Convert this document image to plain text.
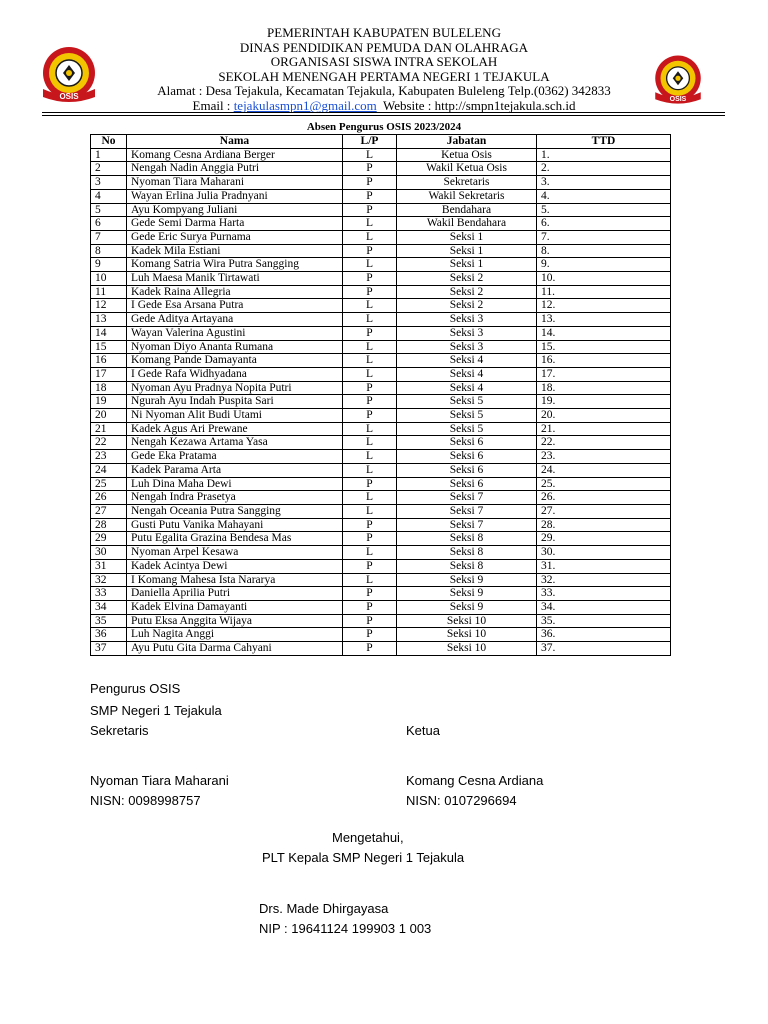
OSIS	OSIS
PEMERINTAH KABUPATEN BULELENG
DINAS PENDIDIKAN PEMUDA DAN OLAHRAGA
ORGANISASI SISWA INTRA SEKOLAH
SEKOLAH MENENGAH PERTAMA NEGERI 1 TEJAKULA
Alamat : Desa Tejakula, Kecamatan Tejakula, Kabupaten Buleleng Telp.(0362) 342833
Email : tejakulasmpn1@gmail.com  Website : http://smpn1tejakula.sch.id
Absen Pengurus OSIS 2023/2024
No	Nama	L/P	Jabatan	TTD
1	Komang Cesna Ardiana Berger	L	Ketua Osis	1.
2	Nengah Nadin Anggia Putri	P	Wakil Ketua Osis	2.
3	Nyoman Tiara Maharani	P	Sekretaris	3.
4	Wayan Erlina Julia Pradnyani	P	Wakil Sekretaris	4.
5	Ayu Kompyang Juliani	P	Bendahara	5.
6	Gede Semi Darma Harta	L	Wakil Bendahara	6.
7	Gede Eric Surya Purnama	L	Seksi 1	7.
8	Kadek Mila Estiani	P	Seksi 1	8.
9	Komang Satria Wira Putra Sangging	L	Seksi 1	9.
10	Luh Maesa Manik Tirtawati	P	Seksi 2	10.
11	Kadek Raina Allegria	P	Seksi 2	11.
12	I Gede Esa Arsana Putra	L	Seksi 2	12.
13	Gede Aditya Artayana	L	Seksi 3	13.
14	Wayan Valerina Agustini	P	Seksi 3	14.
15	Nyoman Diyo Ananta Rumana	L	Seksi 3	15.
16	Komang Pande Damayanta	L	Seksi 4	16.
17	I Gede Rafa Widhyadana	L	Seksi 4	17.
18	Nyoman Ayu Pradnya Nopita Putri	P	Seksi 4	18.
19	Ngurah Ayu Indah Puspita Sari	P	Seksi 5	19.
20	Ni Nyoman Alit Budi Utami	P	Seksi 5	20.
21	Kadek Agus Ari Prewane	L	Seksi 5	21.
22	Nengah Kezawa Artama Yasa	L	Seksi 6	22.
23	Gede Eka Pratama	L	Seksi 6	23.
24	Kadek Parama Arta	L	Seksi 6	24.
25	Luh Dina Maha Dewi	P	Seksi 6	25.
26	Nengah Indra Prasetya	L	Seksi 7	26.
27	Nengah Oceania Putra Sangging	L	Seksi 7	27.
28	Gusti Putu Vanika Mahayani	P	Seksi 7	28.
29	Putu Egalita Grazina Bendesa Mas	P	Seksi 8	29.
30	Nyoman Arpel Kesawa	L	Seksi 8	30.
31	Kadek Acintya Dewi	P	Seksi 8	31.
32	I Komang Mahesa Ista Nararya	L	Seksi 9	32.
33	Daniella Aprilia Putri	P	Seksi 9	33.
34	Kadek Elvina Damayanti	P	Seksi 9	34.
35	Putu Eksa Anggita Wijaya	P	Seksi 10	35.
36	Luh Nagita Anggi	P	Seksi 10	36.
37	Ayu Putu Gita Darma Cahyani	P	Seksi 10	37.
Pengurus OSIS
SMP Negeri 1 Tejakula
Sekretaris	Ketua
Nyoman Tiara Maharani	Komang Cesna Ardiana
NISN: 0098998757	NISN: 0107296694
Mengetahui,
PLT Kepala SMP Negeri 1 Tejakula
Drs. Made Dhirgayasa
NIP : 19641124 199903 1 003
